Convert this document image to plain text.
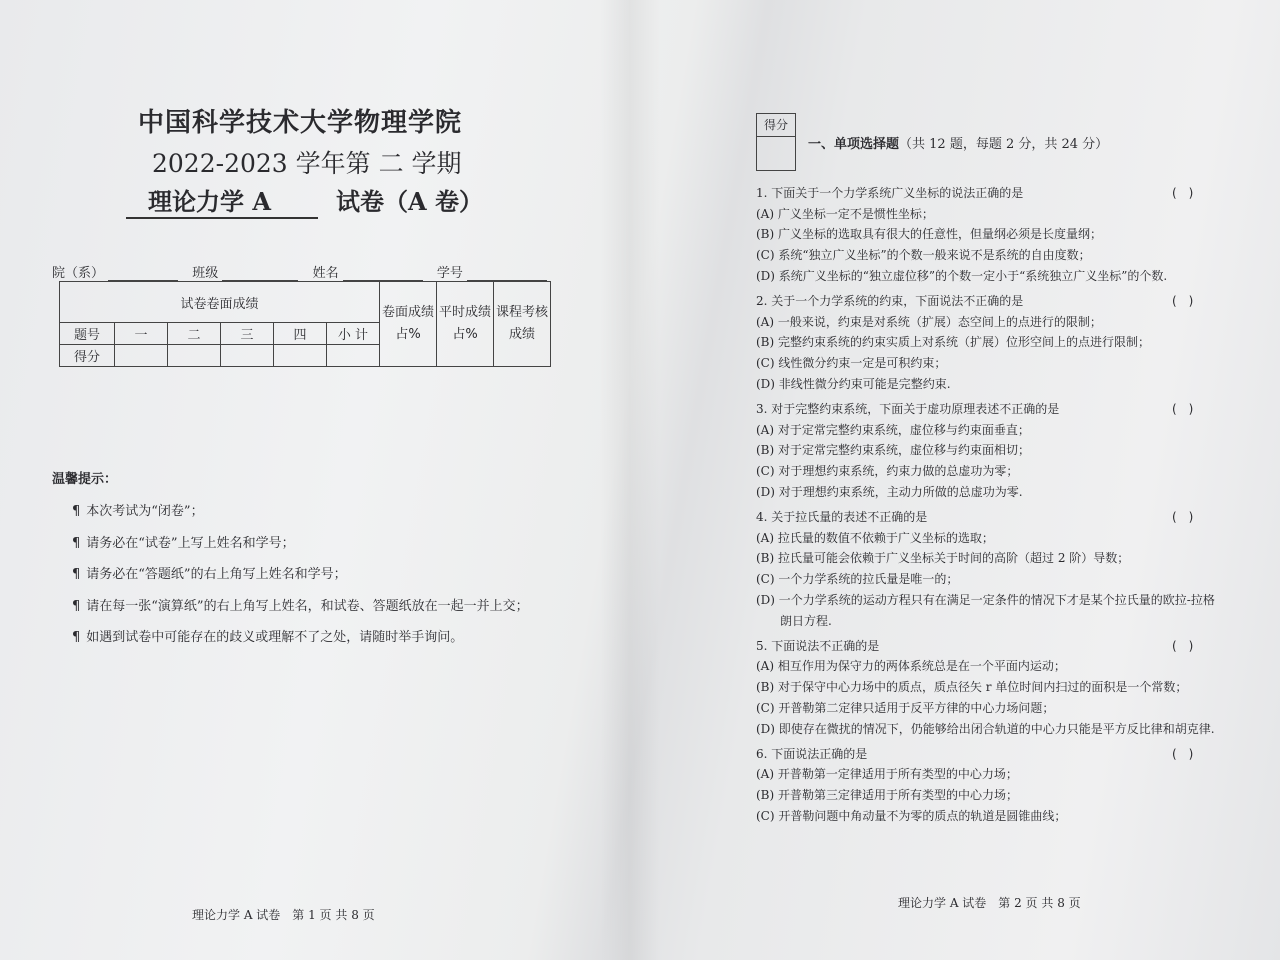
中国科学技术大学物理学院
2022-2023 学年第 二 学期
理论力学 A	试卷（A 卷）
院（系）	班级	姓名	学号
试卷卷面成绩						卷面成绩占%	平时成绩占%	课程考核成绩
题号	一	二	三	四	小 计			
得分								
温馨提示：
¶ 本次考试为“闭卷”；
¶ 请务必在“试卷”上写上姓名和学号；
¶ 请务必在“答题纸”的右上角写上姓名和学号；
¶ 请在每一张“演算纸”的右上角写上姓名，和试卷、答题纸放在一起一并上交；
¶ 如遇到试卷中可能存在的歧义或理解不了之处，请随时举手询问。
理论力学 A 试卷　第 1 页 共 8 页
得分
一、单项选择题（共 12 题，每题 2 分，共 24 分）
1. 下面关于一个力学系统广义坐标的说法正确的是	(　)
(A) 广义坐标一定不是惯性坐标；
(B) 广义坐标的选取具有很大的任意性，但量纲必须是长度量纲；
(C) 系统“独立广义坐标”的个数一般来说不是系统的自由度数；
(D) 系统广义坐标的“独立虚位移”的个数一定小于“系统独立广义坐标”的个数.
2. 关于一个力学系统的约束，下面说法不正确的是	(　)
(A) 一般来说，约束是对系统（扩展）态空间上的点进行的限制；
(B) 完整约束系统的约束实质上对系统（扩展）位形空间上的点进行限制；
(C) 线性微分约束一定是可积约束；
(D) 非线性微分约束可能是完整约束.
3. 对于完整约束系统，下面关于虚功原理表述不正确的是	(　)
(A) 对于定常完整约束系统，虚位移与约束面垂直；
(B) 对于定常完整约束系统，虚位移与约束面相切；
(C) 对于理想约束系统，约束力做的总虚功为零；
(D) 对于理想约束系统，主动力所做的总虚功为零.
4. 关于拉氏量的表述不正确的是	(　)
(A) 拉氏量的数值不依赖于广义坐标的选取；
(B) 拉氏量可能会依赖于广义坐标关于时间的高阶（超过 2 阶）导数；
(C) 一个力学系统的拉氏量是唯一的；
(D) 一个力学系统的运动方程只有在满足一定条件的情况下才是某个拉氏量的欧拉-拉格朗日方程.
5. 下面说法不正确的是	(　)
(A) 相互作用为保守力的两体系统总是在一个平面内运动；
(B) 对于保守中心力场中的质点，质点径矢 r 单位时间内扫过的面积是一个常数；
(C) 开普勒第二定律只适用于反平方律的中心力场问题；
(D) 即使存在微扰的情况下，仍能够给出闭合轨道的中心力只能是平方反比律和胡克律.
6. 下面说法正确的是	(　)
(A) 开普勒第一定律适用于所有类型的中心力场；
(B) 开普勒第三定律适用于所有类型的中心力场；
(C) 开普勒问题中角动量不为零的质点的轨道是圆锥曲线；
理论力学 A 试卷　第 2 页 共 8 页
